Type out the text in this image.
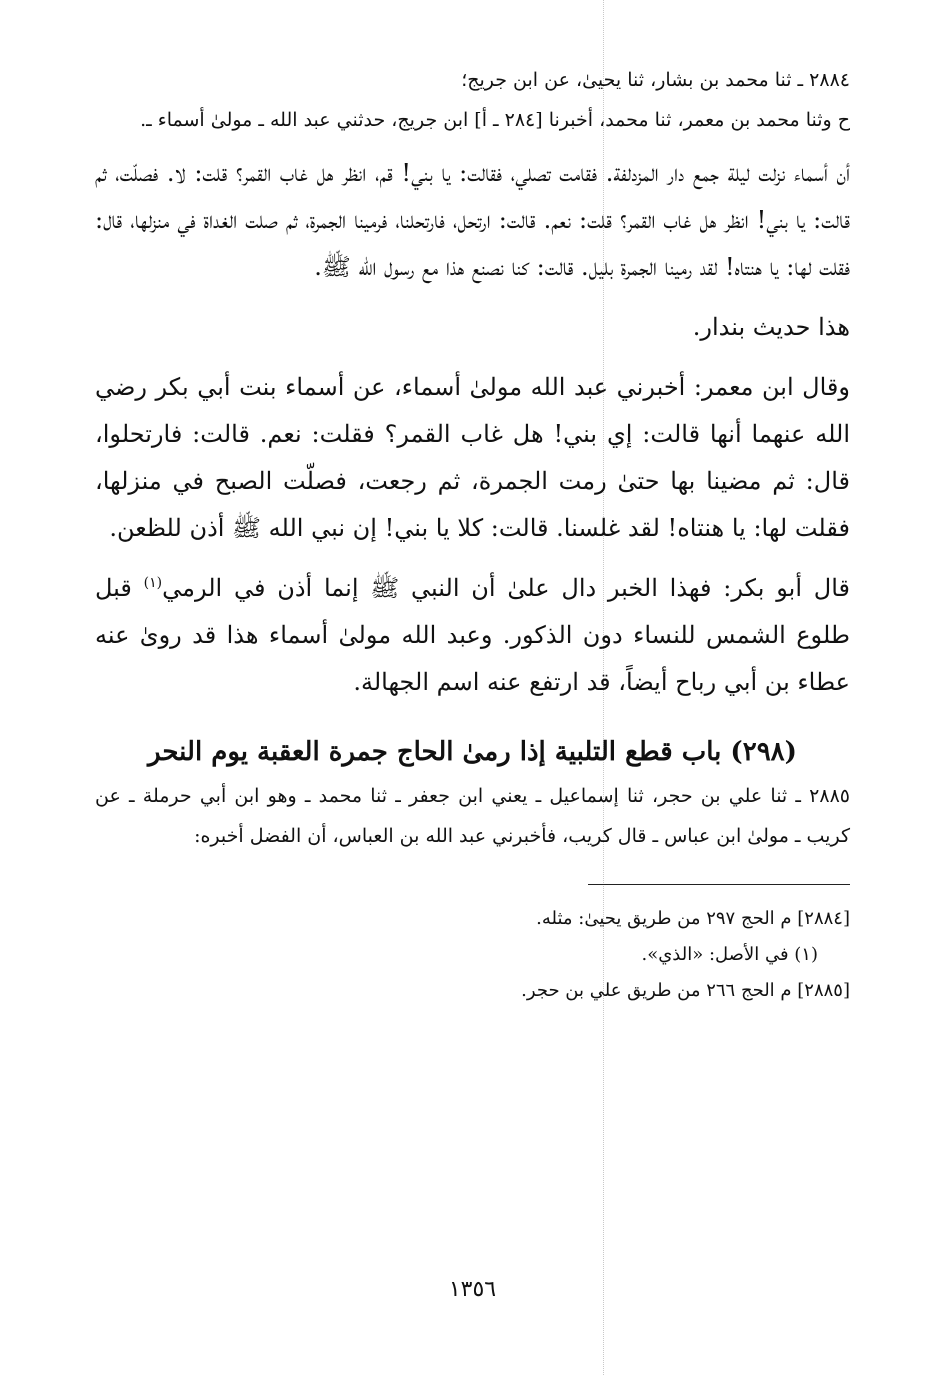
٢٨٨٤ ـ ثنا محمد بن بشار، ثنا يحيىٰ، عن ابن جريج؛

ح وثنا محمد بن معمر، ثنا محمد، أخبرنا [٢٨٤ ـ أ] ابن جريج، حدثني عبد الله ـ مولىٰ أسماء ـ.

أن أسماء نزلت ليلة جمع دار المزدلفة. فقامت تصلي، فقالت: يا بني! قم، انظر هل غاب القمر؟ قلت: لا. فصلّت، ثم قالت: يا بني! انظر هل غاب القمر؟ قلت: نعم. قالت: ارتحل، فارتحلنا، فرمينا الجمرة، ثم صلت الغداة في منزلها، قال: فقلت لها: يا هنتاه! لقد رمينا الجمرة بليل. قالت: كنا نصنع هذا مع رسول الله ﷺ.

هذا حديث بندار.

وقال ابن معمر: أخبرني عبد الله مولىٰ أسماء، عن أسماء بنت أبي بكر رضي الله عنهما أنها قالت: إي بني! هل غاب القمر؟ فقلت: نعم. قالت: فارتحلوا، قال: ثم مضينا بها حتىٰ رمت الجمرة، ثم رجعت، فصلّت الصبح في منزلها، فقلت لها: يا هنتاه! لقد غلسنا. قالت: كلا يا بني! إن نبي الله ﷺ أذن للظعن.

قال أبو بكر: فهذا الخبر دال علىٰ أن النبي ﷺ إنما أذن في الرمي$^{(١)}$ قبل طلوع الشمس للنساء دون الذكور. وعبد الله مولىٰ أسماء هذا قد روىٰ عنه عطاء بن أبي رباح أيضاً، قد ارتفع عنه اسم الجهالة.

(٢٩٨) باب قطع التلبية إذا رمىٰ الحاج جمرة العقبة يوم النحر

٢٨٨٥ ـ ثنا علي بن حجر، ثنا إسماعيل ـ يعني ابن جعفر ـ ثنا محمد ـ وهو ابن أبي حرملة ـ عن كريب ـ مولىٰ ابن عباس ـ قال كريب، فأخبرني عبد الله بن العباس، أن الفضل أخبره:

[٢٨٨٤] م الحج ٢٩٧ من طريق يحيىٰ: مثله.
(١) في الأصل: «الذي».
[٢٨٨٥] م الحج ٢٦٦ من طريق علي بن حجر.
١٣٥٦
